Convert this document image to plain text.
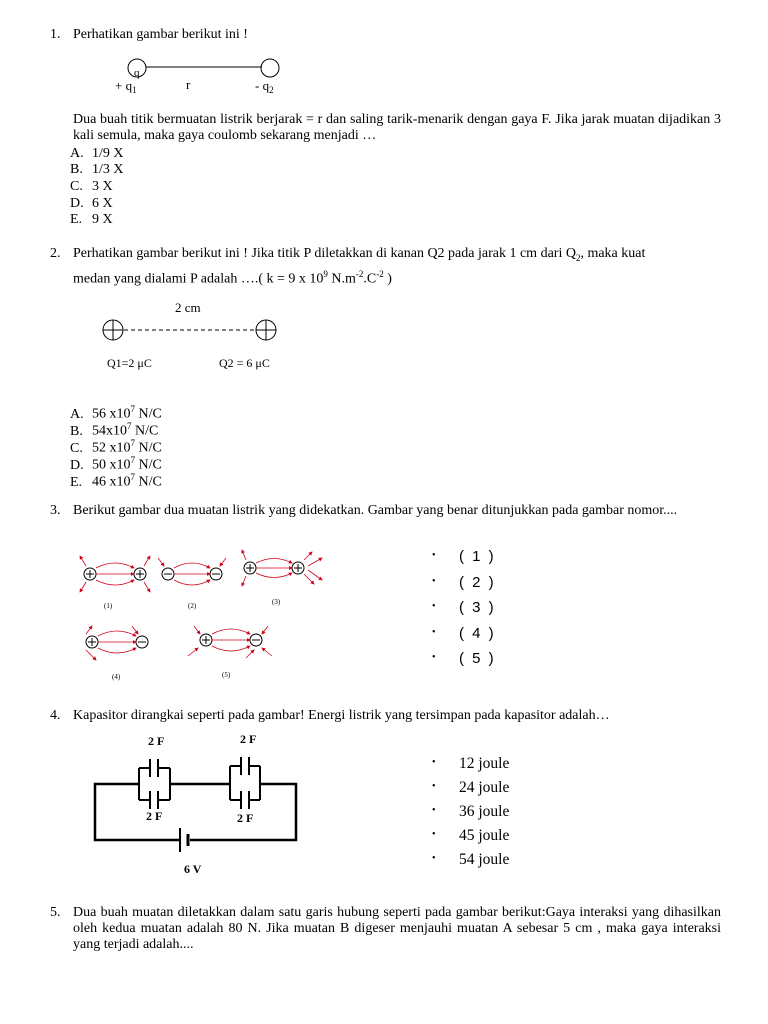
1. Perhatikan gambar berikut ini !
q
+ $q_1$	r	- $q_2$
Dua buah titik bermuatan listrik berjarak = r dan saling tarik-menarik dengan gaya F. Jika jarak muatan dijadikan 3 kali semula, maka gaya coulomb sekarang menjadi …
A. 1/9 X
B. 1/3 X
C. 3 X
D. 6 X
E. 9 X
2. Perhatikan gambar berikut ini ! Jika titik P diletakkan di kanan Q2 pada jarak 1 cm dari $Q_2$, maka kuat
medan yang dialami P adalah ….( k = 9 x $10^9$ $N.m^{-2}.C^{-2}$ )
2 cm
Q1=2 μC	Q2 = 6 μC
A. 56 $x10^7$ N/C
B. $54x10^7$ N/C
C. 52 $x10^7$ N/C
D. 50 $x10^7$ N/C
E. 46 $x10^7$ N/C
3. Berikut gambar dua muatan listrik yang didekatkan. Gambar yang benar ditunjukkan pada gambar nomor....
(1)	(2)	(3)
(4)	(5)
• ( 1 )
• ( 2 )
• ( 3 )
• ( 4 )
• ( 5 )
4. Kapasitor dirangkai seperti pada gambar! Energi listrik yang tersimpan pada kapasitor adalah…
2 F	2 F
2 F	2 F
6 V
• 12 joule
• 24 joule
• 36 joule
• 45 joule
• 54 joule
5. Dua buah muatan diletakkan dalam satu garis hubung seperti pada gambar berikut:Gaya interaksi yang dihasilkan oleh kedua muatan adalah 80 N. Jika muatan B digeser menjauhi muatan A sebesar 5 cm , maka gaya interaksi yang terjadi adalah....
